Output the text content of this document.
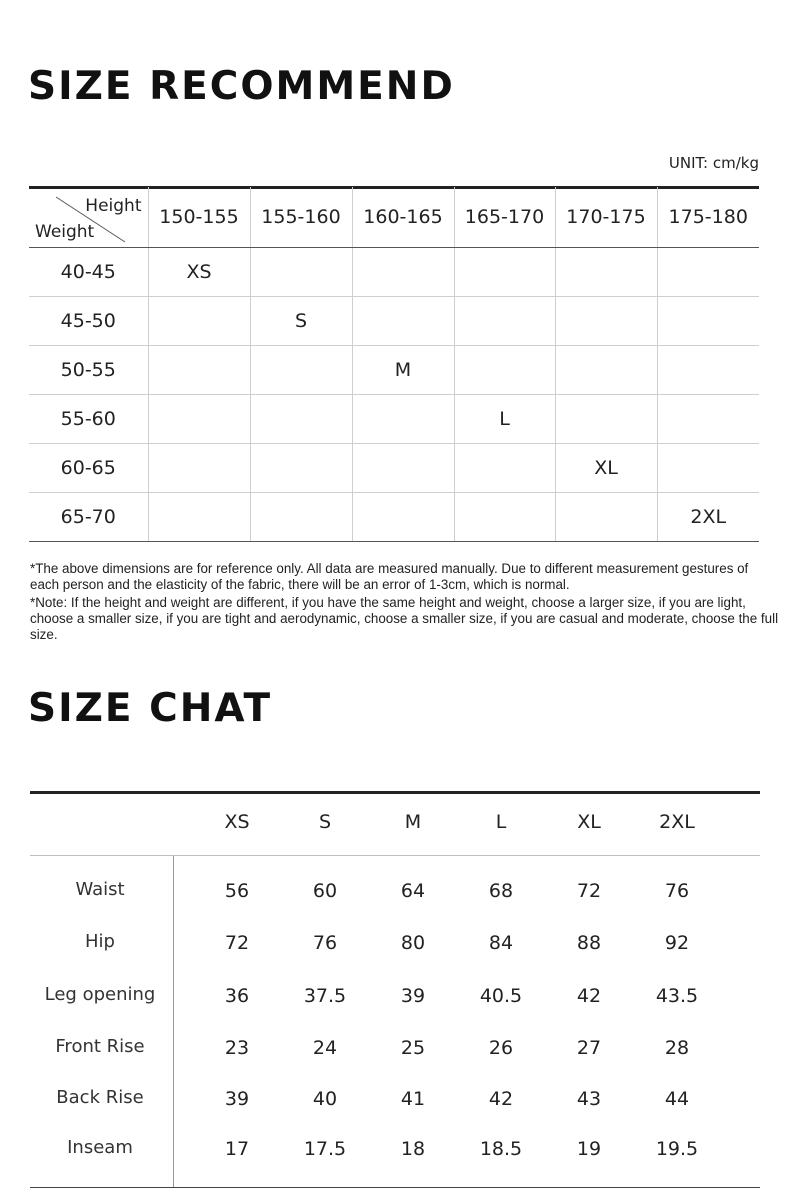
SIZE RECOMMEND
UNIT: cm/kg
Height
Weight	150-155	155-160	160-165	165-170	170-175	175-180
40-45	XS					
45-50		S				
50-55			M			
55-60				L		
60-65					XL	
65-70						2XL

*The above dimensions are for reference only. All data are measured manually. Due to different measurement gestures of each person and the elasticity of the fabric, there will be an error of 1-3cm, which is normal.

*Note: If the height and weight are different, if you have the same height and weight, choose a larger size, if you are light, choose a smaller size, if you are tight and aerodynamic, choose a smaller size, if you are casual and moderate, choose the full size.

SIZE CHAT
XS	S	M	L	XL	2XL
Waist	56	60	64	68	72	76
Hip	72	76	80	84	88	92
Leg opening	36	37.5	39	40.5	42	43.5
Front Rise	23	24	25	26	27	28
Back Rise	39	40	41	42	43	44
Inseam	17	17.5	18	18.5	19	19.5
